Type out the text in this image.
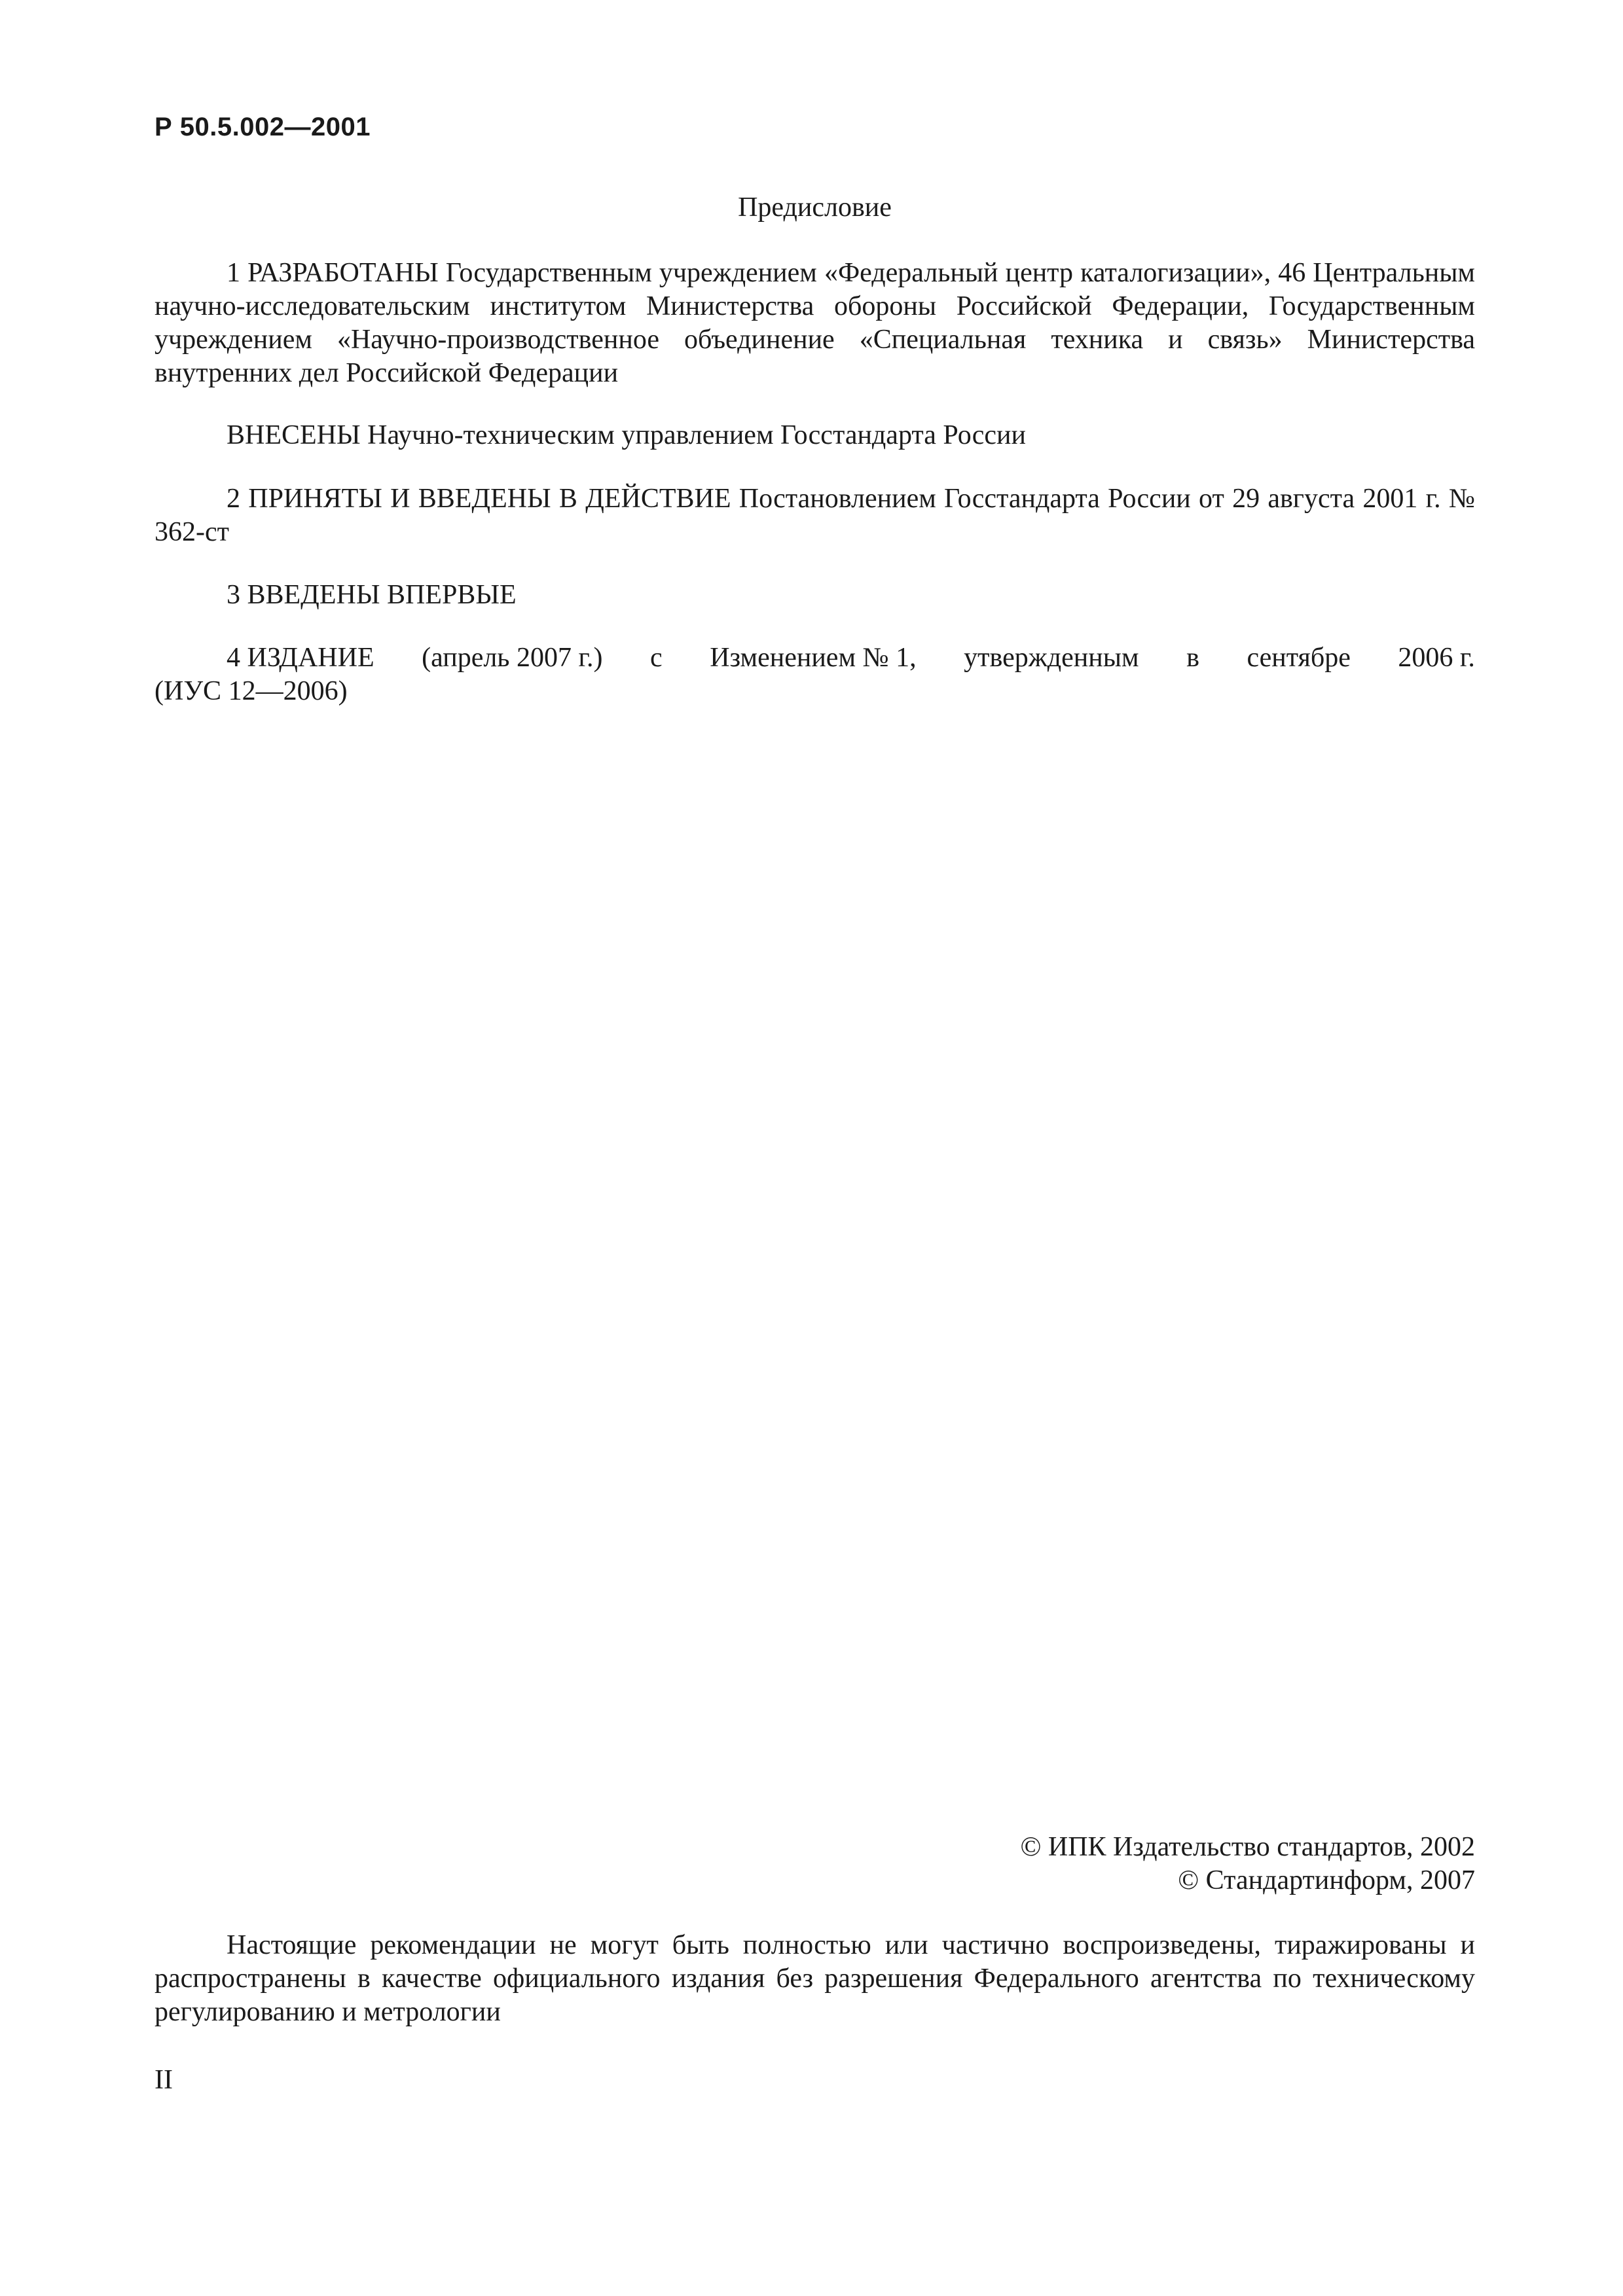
Р 50.5.002—2001
Предисловие
1 РАЗРАБОТАНЫ Государственным учреждением «Федеральный центр каталогизации», 46 Центральным научно-исследовательским институтом Министерства обороны Российской Федерации, Государственным учреждением «Научно-производственное объединение «Специальная техника и связь» Министерства внутренних дел Российской Федерации
ВНЕСЕНЫ Научно-техническим управлением Госстандарта России
2 ПРИНЯТЫ И ВВЕДЕНЫ В ДЕЙСТВИЕ Постановлением Госстандарта России от 29 августа 2001 г. № 362-ст
3 ВВЕДЕНЫ ВПЕРВЫЕ
4 ИЗДАНИЕ (апрель 2007 г.) с Изменением № 1, утвержденным в сентябре 2006 г.
(ИУС 12—2006)
© ИПК Издательство стандартов, 2002
© Стандартинформ, 2007
Настоящие рекомендации не могут быть полностью или частично воспроизведены, тиражированы и распространены в качестве официального издания без разрешения Федерального агентства по техническому регулированию и метрологии
II
